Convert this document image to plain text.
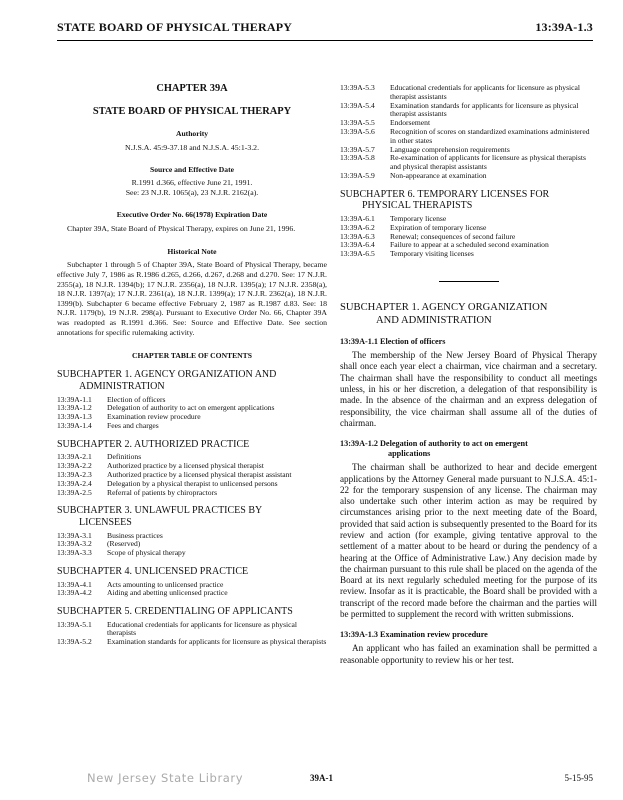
STATE BOARD OF PHYSICAL THERAPY	13:39A-1.3
CHAPTER 39A
STATE BOARD OF PHYSICAL THERAPY
Authority
N.J.S.A. 45:9-37.18 and N.J.S.A. 45:1-3.2.
Source and Effective Date
R.1991 d.366, effective June 21, 1991.
See: 23 N.J.R. 1065(a), 23 N.J.R. 2162(a).
Executive Order No. 66(1978) Expiration Date
Chapter 39A, State Board of Physical Therapy, expires on June 21, 1996.
Historical Note
Subchapter 1 through 5 of Chapter 39A, State Board of Physical Therapy, became effective July 7, 1986 as R.1986 d.265, d.266, d.267, d.268 and d.270. See: 17 N.J.R. 2355(a), 18 N.J.R. 1394(b); 17 N.J.R. 2356(a), 18 N.J.R. 1395(a); 17 N.J.R. 2358(a), 18 N.J.R. 1397(a); 17 N.J.R. 2361(a), 18 N.J.R. 1399(a); 17 N.J.R. 2362(a), 18 N.J.R. 1399(b). Subchapter 6 became effective February 2, 1987 as R.1987 d.83. See: 18 N.J.R. 1179(b), 19 N.J.R. 298(a). Pursuant to Executive Order No. 66, Chapter 39A was readopted as R.1991 d.366. See: Source and Effective Date. See section annotations for specific rulemaking activity.
CHAPTER TABLE OF CONTENTS
SUBCHAPTER 1. AGENCY ORGANIZATION AND
ADMINISTRATION
13:39A-1.1	Election of officers
13:39A-1.2	Delegation of authority to act on emergent applications
13:39A-1.3	Examination review procedure
13:39A-1.4	Fees and charges
SUBCHAPTER 2. AUTHORIZED PRACTICE
13:39A-2.1	Definitions
13:39A-2.2	Authorized practice by a licensed physical therapist
13:39A-2.3	Authorized practice by a licensed physical therapist assistant
13:39A-2.4	Delegation by a physical therapist to unlicensed persons
13:39A-2.5	Referral of patients by chiropractors
SUBCHAPTER 3. UNLAWFUL PRACTICES BY
LICENSEES
13:39A-3.1	Business practices
13:39A-3.2	(Reserved)
13:39A-3.3	Scope of physical therapy
SUBCHAPTER 4. UNLICENSED PRACTICE
13:39A-4.1	Acts amounting to unlicensed practice
13:39A-4.2	Aiding and abetting unlicensed practice
SUBCHAPTER 5. CREDENTIALING OF APPLICANTS
13:39A-5.1	Educational credentials for applicants for licensure as physical therapists
13:39A-5.2	Examination standards for applicants for licensure as physical therapists
13:39A-5.3	Educational credentials for applicants for licensure as physical therapist assistants
13:39A-5.4	Examination standards for applicants for licensure as physical therapist assistants
13:39A-5.5	Endorsement
13:39A-5.6	Recognition of scores on standardized examinations administered in other states
13:39A-5.7	Language comprehension requirements
13:39A-5.8	Re-examination of applicants for licensure as physical therapists and physical therapist assistants
13:39A-5.9	Non-appearance at examination
SUBCHAPTER 6. TEMPORARY LICENSES FOR
PHYSICAL THERAPISTS
13:39A-6.1	Temporary license
13:39A-6.2	Expiration of temporary license
13:39A-6.3	Renewal; consequences of second failure
13:39A-6.4	Failure to appear at a scheduled second examination
13:39A-6.5	Temporary visiting licenses
SUBCHAPTER 1. AGENCY ORGANIZATION
AND ADMINISTRATION
13:39A-1.1 Election of officers
The membership of the New Jersey Board of Physical Therapy shall once each year elect a chairman, vice chairman and a secretary. The chairman shall have the responsibility to conduct all meetings unless, in his or her discretion, a delegation of that responsibility is made. In the absence of the chairman and an express delegation of responsibility, the vice chairman shall assume all of the duties of chairman.
13:39A-1.2 Delegation of authority to act on emergent
applications
The chairman shall be authorized to hear and decide emergent applications by the Attorney General made pursuant to N.J.S.A. 45:1-22 for the temporary suspension of any license. The chairman may also undertake such other interim action as may be required by circumstances arising prior to the next meeting date of the Board, provided that said action is subsequently presented to the Board for its review and action (for example, giving tentative approval to the settlement of a matter about to be heard or during the pendency of a hearing at the Office of Administrative Law.) Any decision made by the chairman pursuant to this rule shall be placed on the agenda of the Board at its next regularly scheduled meeting for the purpose of its review. Insofar as it is practicable, the Board shall be provided with a transcript of the record made before the chairman and the parties will be permitted to supplement the record with written submissions.
13:39A-1.3 Examination review procedure
An applicant who has failed an examination shall be permitted a reasonable opportunity to review his or her test.
New Jersey State Library	39A-1	5-15-95
